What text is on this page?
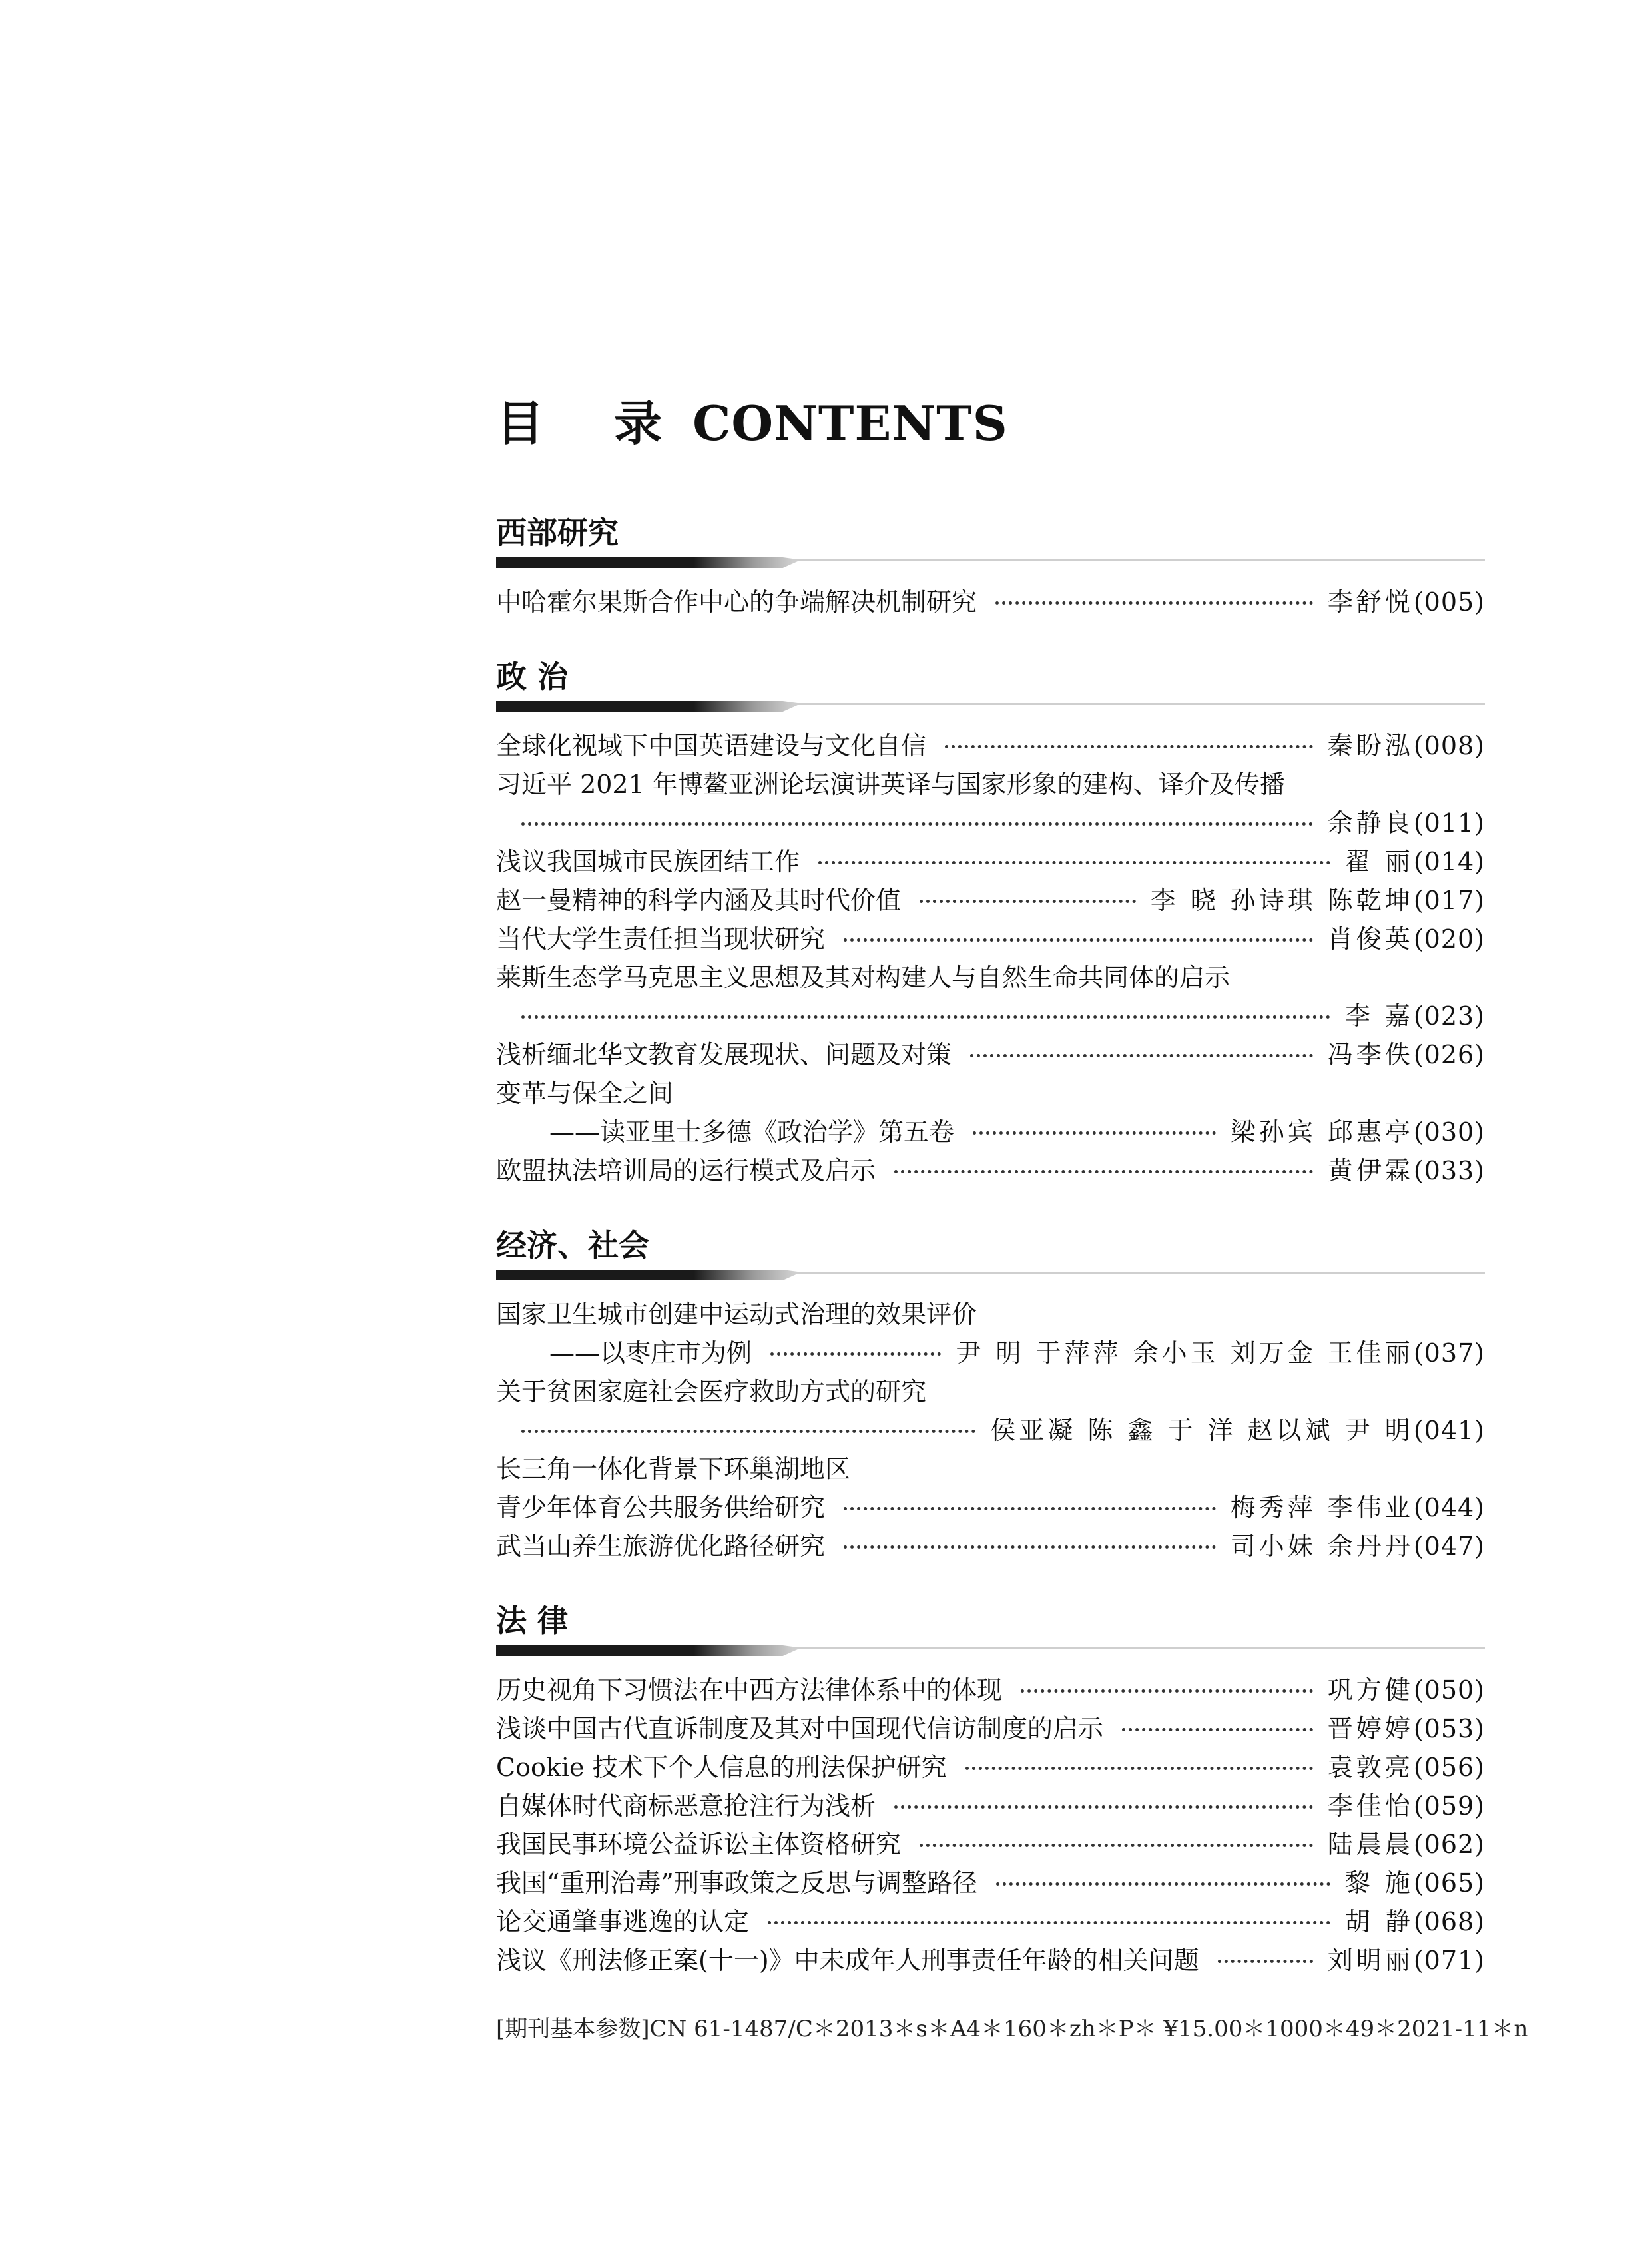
目 录CONTENTS
西部研究
中哈霍尔果斯合作中心的争端解决机制研究	李舒悦(005)
政 治
全球化视域下中国英语建设与文化自信	秦盼泓(008)
习近平 2021 年博鳌亚洲论坛演讲英译与国家形象的建构、译介及传播
余静良(011)
浅议我国城市民族团结工作	翟 丽(014)
赵一曼精神的科学内涵及其时代价值	李 晓 孙诗琪 陈乾坤(017)
当代大学生责任担当现状研究	肖俊英(020)
莱斯生态学马克思主义思想及其对构建人与自然生命共同体的启示
李 嘉(023)
浅析缅北华文教育发展现状、问题及对策	冯李佚(026)
变革与保全之间
——读亚里士多德《政治学》第五卷	梁孙宾 邱惠亭(030)
欧盟执法培训局的运行模式及启示	黄伊霖(033)
经济、社会
国家卫生城市创建中运动式治理的效果评价
——以枣庄市为例	尹 明 于萍萍 余小玉 刘万金 王佳丽(037)
关于贫困家庭社会医疗救助方式的研究
侯亚凝 陈 鑫 于 洋 赵以斌 尹 明(041)
长三角一体化背景下环巢湖地区
青少年体育公共服务供给研究	梅秀萍 李伟业(044)
武当山养生旅游优化路径研究	司小妹 余丹丹(047)
法 律
历史视角下习惯法在中西方法律体系中的体现	巩方健(050)
浅谈中国古代直诉制度及其对中国现代信访制度的启示	晋婷婷(053)
Cookie 技术下个人信息的刑法保护研究	袁敦亮(056)
自媒体时代商标恶意抢注行为浅析	李佳怡(059)
我国民事环境公益诉讼主体资格研究	陆晨晨(062)
我国“重刑治毒”刑事政策之反思与调整路径	黎 施(065)
论交通肇事逃逸的认定	胡 静(068)
浅议《刑法修正案(十一)》中未成年人刑事责任年龄的相关问题	刘明丽(071)
[期刊基本参数]CN 61-1487/C＊2013＊s＊A4＊160＊zh＊P＊ ¥15.00＊1000＊49＊2021-11＊n
